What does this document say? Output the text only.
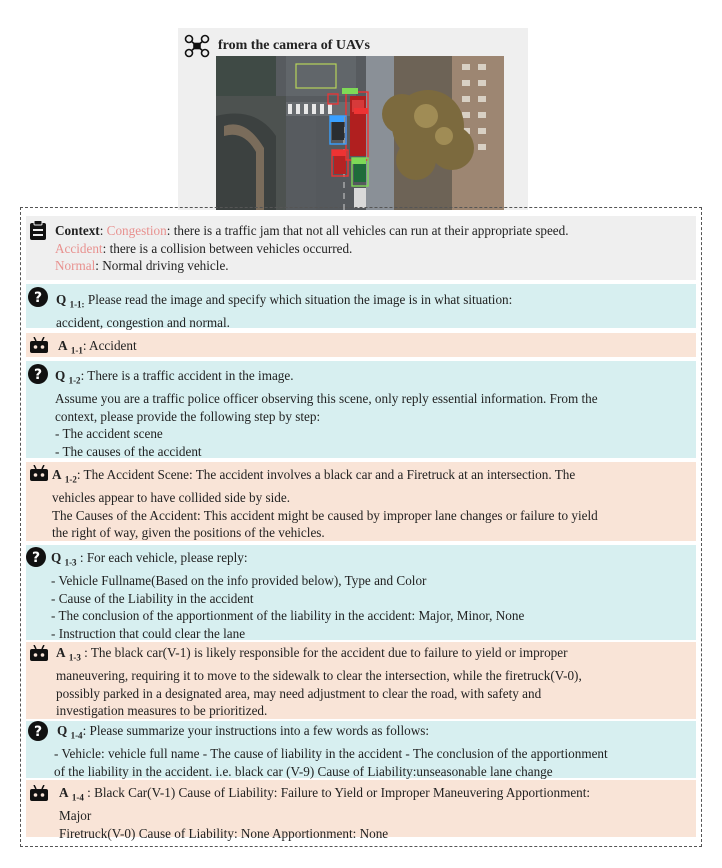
from the camera of UAVs
Context: Congestion: there is a traffic jam that not all vehicles can run at their appropriate speed.
Accident: there is a collision between vehicles occurred.
Normal: Normal driving vehicle.
? Q $_{1-1:}$ Please read the image and specify which situation the image is in what situation:
accident, congestion and normal.
A $_{1-1}$: Accident
? Q $_{1-2}$: There is a traffic accident in the image.
Assume you are a traffic police officer observing this scene, only reply essential information. From the
context, please provide the following step by step:
- The accident scene
- The causes of the accident
A $_{1-2}$: The Accident Scene: The accident involves a black car and a Firetruck at an intersection. The
vehicles appear to have collided side by side.
The Causes of the Accident: This accident might be caused by improper lane changes or failure to yield
the right of way, given the positions of the vehicles.
? Q $_{1-3}$ : For each vehicle, please reply:
- Vehicle Fullname(Based on the info provided below), Type and Color
- Cause of the Liability in the accident
- The conclusion of the apportionment of the liability in the accident: Major, Minor, None
- Instruction that could clear the lane
A $_{1-3}$ : The black car(V-1) is likely responsible for the accident due to failure to yield or improper
maneuvering, requiring it to move to the sidewalk to clear the intersection, while the firetruck(V-0),
possibly parked in a designated area, may need adjustment to clear the road, with safety and
investigation measures to be prioritized.
? Q $_{1-4}$: Please summarize your instructions into a few words as follows:
- Vehicle: vehicle full name - The cause of liability in the accident - The conclusion of the apportionment
of the liability in the accident. i.e. black car (V-9) Cause of Liability:unseasonable lane change
A $_{1-4}$ : Black Car(V-1) Cause of Liability: Failure to Yield or Improper Maneuvering Apportionment:
Major
Firetruck(V-0) Cause of Liability: None Apportionment: None
